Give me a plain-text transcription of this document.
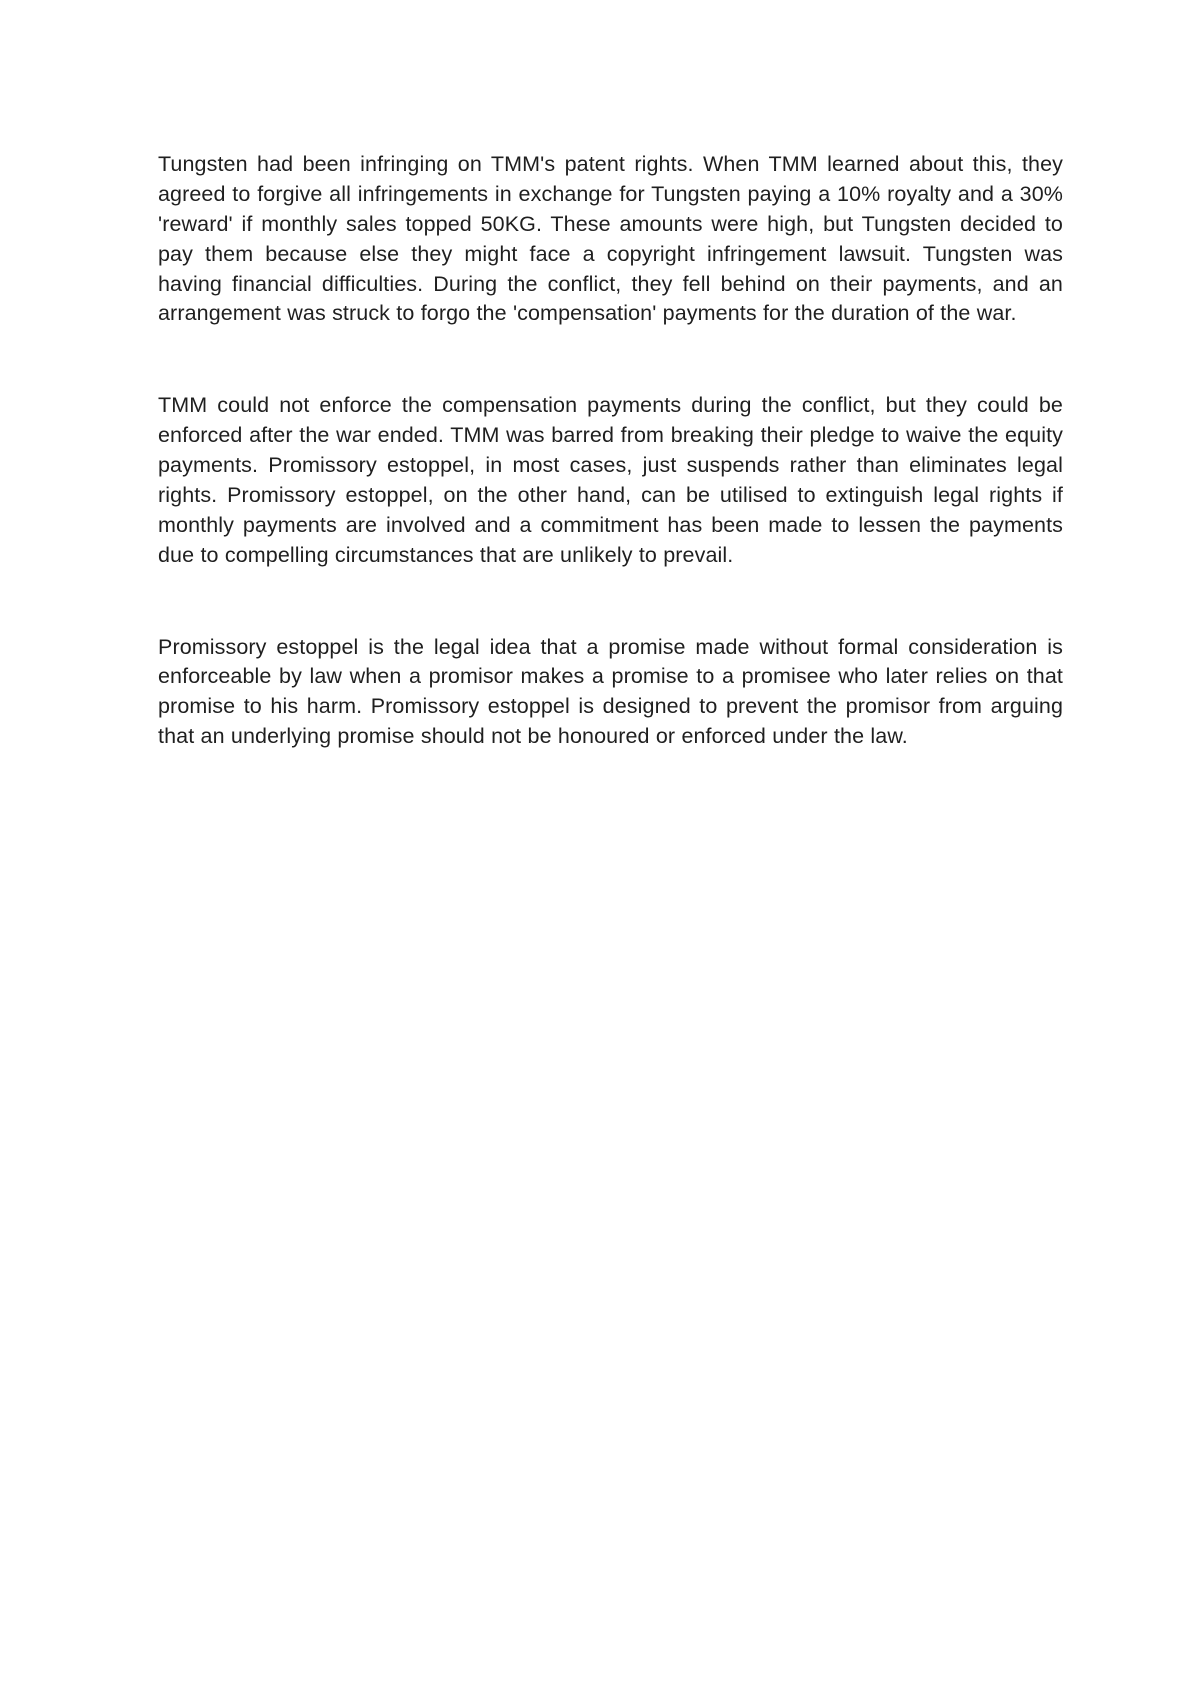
Tungsten had been infringing on TMM's patent rights. When TMM learned about this, they agreed to forgive all infringements in exchange for Tungsten paying a 10% royalty and a 30% 'reward' if monthly sales topped 50KG. These amounts were high, but Tungsten decided to pay them because else they might face a copyright infringement lawsuit. Tungsten was having financial difficulties. During the conflict, they fell behind on their payments, and an arrangement was struck to forgo the 'compensation' payments for the duration of the war.

TMM could not enforce the compensation payments during the conflict, but they could be enforced after the war ended. TMM was barred from breaking their pledge to waive the equity payments. Promissory estoppel, in most cases, just suspends rather than eliminates legal rights. Promissory estoppel, on the other hand, can be utilised to extinguish legal rights if monthly payments are involved and a commitment has been made to lessen the payments due to compelling circumstances that are unlikely to prevail.

Promissory estoppel is the legal idea that a promise made without formal consideration is enforceable by law when a promisor makes a promise to a promisee who later relies on that promise to his harm. Promissory estoppel is designed to prevent the promisor from arguing that an underlying promise should not be honoured or enforced under the law.
